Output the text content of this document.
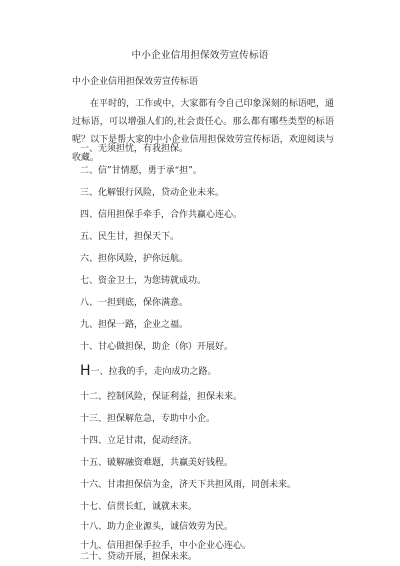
中小企业信用担保效劳宣传标语
中小企业信用担保效劳宣传标语

在平时的，工作或中，大家都有令自己印象深刻的标语吧，通过标语，可以增强人们的,社会责任心。那么都有哪些类型的标语呢？以下是帮大家的中小企业信用担保效劳宣传标语，欢迎阅读与收藏。

一、无须担忧，有我担保。
二、信”甘情愿，勇于承“担”。
三、化解银行风险，贷动企业未来。
四、信用担保手牵手，合作共赢心连心。
五、民生甘，担保天下。
六、担你风险，护你远航。
七、资金卫士，为您铸就成功。
八、一担到底，保你满意。
九、担保一路，企业之福。
十、甘心做担保，助企（你）开展好。
H一、拉我的手，走向成功之路。
十二、控制风险，保证利益，担保未来。
十三、担保解危急，专助中小企。
十四、立足甘肃，促动经济。
十五、破解融资难题，共赢美好钱程。
十六、甘肃担保信为金，济天下共担风雨，同创未来。
十七、信贯长虹，诚就未来。
十八、助力企业源头，诚信效劳为民。
十九、信用担保手拉手，中小企业心连心。
二十、贷动开展，担保未来。
